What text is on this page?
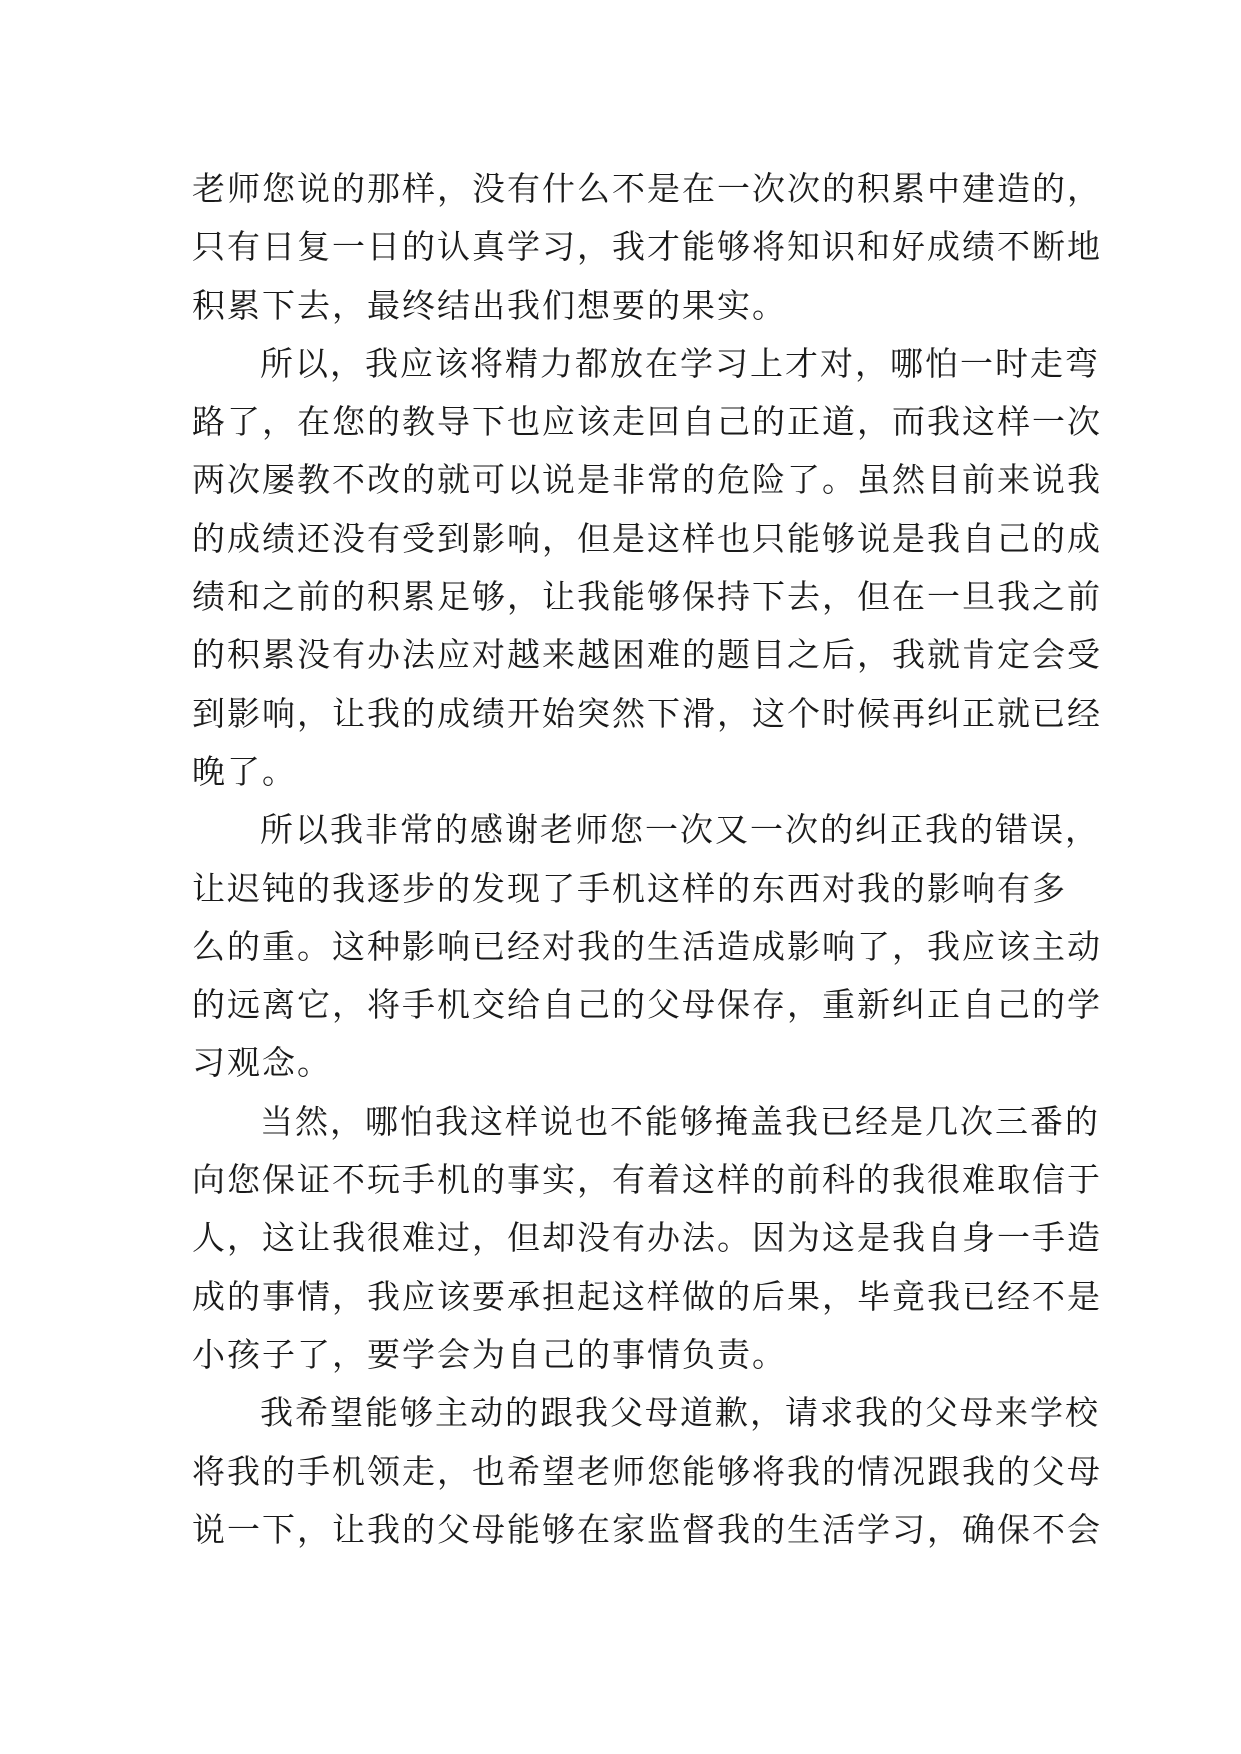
老师您说的那样，没有什么不是在一次次的积累中建造的，
只有日复一日的认真学习，我才能够将知识和好成绩不断地
积累下去，最终结出我们想要的果实。
所以，我应该将精力都放在学习上才对，哪怕一时走弯
路了，在您的教导下也应该走回自己的正道，而我这样一次
两次屡教不改的就可以说是非常的危险了。虽然目前来说我
的成绩还没有受到影响，但是这样也只能够说是我自己的成
绩和之前的积累足够，让我能够保持下去，但在一旦我之前
的积累没有办法应对越来越困难的题目之后，我就肯定会受
到影响，让我的成绩开始突然下滑，这个时候再纠正就已经
晚了。
所以我非常的感谢老师您一次又一次的纠正我的错误，
让迟钝的我逐步的发现了手机这样的东西对我的影响有多
么的重。这种影响已经对我的生活造成影响了，我应该主动
的远离它，将手机交给自己的父母保存，重新纠正自己的学
习观念。
当然，哪怕我这样说也不能够掩盖我已经是几次三番的
向您保证不玩手机的事实，有着这样的前科的我很难取信于
人，这让我很难过，但却没有办法。因为这是我自身一手造
成的事情，我应该要承担起这样做的后果，毕竟我已经不是
小孩子了，要学会为自己的事情负责。
我希望能够主动的跟我父母道歉，请求我的父母来学校
将我的手机领走，也希望老师您能够将我的情况跟我的父母
说一下，让我的父母能够在家监督我的生活学习，确保不会
